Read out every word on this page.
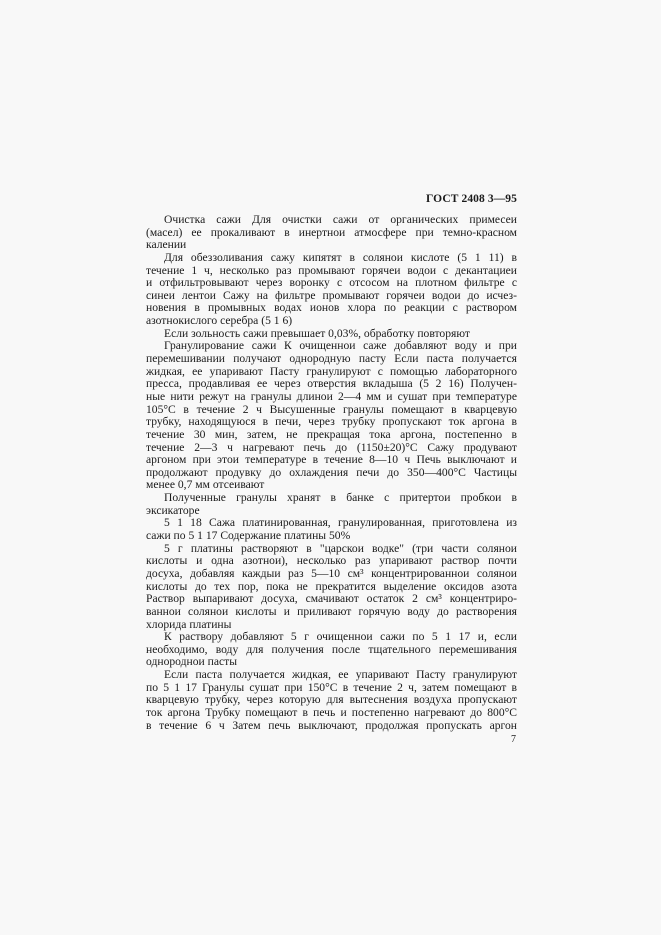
ГОСТ 2408 3—95
Очистка сажи Для очистки сажи от органических примесеи
(масел) ее прокаливают в инертнои атмосфере при темно-красном
калении
Для обеззоливания сажу кипятят в солянои кислоте (5 1 11) в
течение 1 ч, несколько раз промывают горячеи водои с декантациеи
и отфильтровывают через воронку с отсосом на плотном фильтре с
синеи лентои Сажу на фильтре промывают горячеи водои до исчез-
новения в промывных водах ионов хлора по реакции с раствором
азотнокислого серебра (5 1 6)
Если зольность сажи превышает 0,03%, обработку повторяют
Гранулирование сажи К очищеннои саже добавляют воду и при
перемешивании получают однородную пасту Если паста получается
жидкая, ее упаривают Пасту гранулируют с помощью лабораторного
пресса, продавливая ее через отверстия вкладыша (5 2 16) Получен-
ные нити режут на гранулы длинои 2—4 мм и сушат при температуре
105°C в течение 2 ч Высушенные гранулы помещают в кварцевую
трубку, находящуюся в печи, через трубку пропускают ток аргона в
течение 30 мин, затем, не прекращая тока аргона, постепенно в
течение 2—3 ч нагревают печь до (1150±20)°C Сажу продувают
аргоном при этои температуре в течение 8—10 ч Печь выключают и
продолжают продувку до охлаждения печи до 350—400°C Частицы
менее 0,7 мм отсеивают
Полученные гранулы хранят в банке с притертои пробкои в
эксикаторе
5 1 18 Сажа платинированная, гранулированная, приготовлена из
сажи по 5 1 17 Содержание платины 50%
5 г платины растворяют в "царскои водке" (три части солянои
кислоты и одна азотнои), несколько раз упаривают раствор почти
досуха, добавляя каждыи раз 5—10 см³ концентрированнои солянои
кислоты до тех пор, пока не прекратится выделение оксидов азота
Раствор выпаривают досуха, смачивают остаток 2 см³ концентриро-
ваннои солянои кислоты и приливают горячую воду до растворения
хлорида платины
К раствору добавляют 5 г очищеннои сажи по 5 1 17 и, если
необходимо, воду для получения после тщательного перемешивания
однороднои пасты
Если паста получается жидкая, ее упаривают Пасту гранулируют
по 5 1 17 Гранулы сушат при 150°C в течение 2 ч, затем помещают в
кварцевую трубку, через которую для вытеснения воздуха пропускают
ток аргона Трубку помещают в печь и постепенно нагревают до 800°C
в течение 6 ч Затем печь выключают, продолжая пропускать аргон
7
